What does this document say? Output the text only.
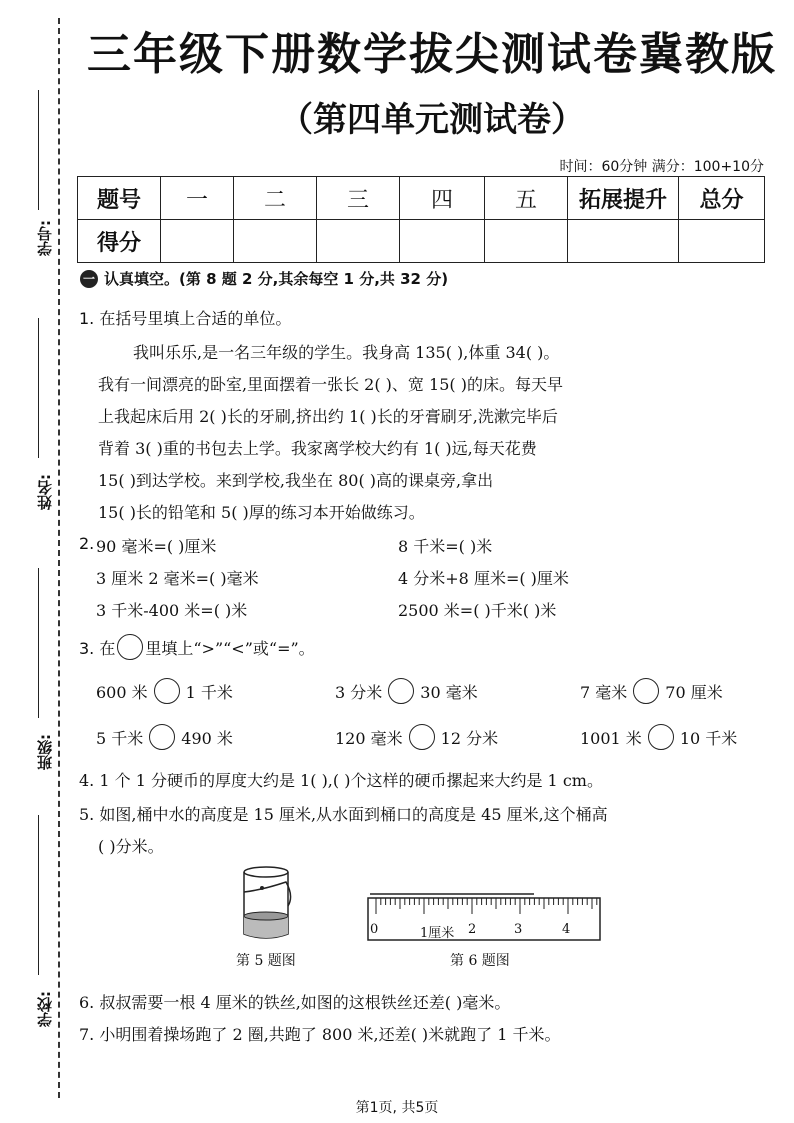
学号:
姓名:
班级:
学校:
三年级下册数学拔尖测试卷冀教版
（第四单元测试卷）
时间：60分钟 满分：100+10分
题号	一	二	三	四	五	拓展提升	总分
得分							
一 认真填空。(第 8 题 2 分,其余每空 1 分,共 32 分)
1. 在括号里填上合适的单位。
我叫乐乐,是一名三年级的学生。我身高 135( ),体重 34( )。
我有一间漂亮的卧室,里面摆着一张长 2( )、宽 15( )的床。每天早
上我起床后用 2( )长的牙刷,挤出约 1( )长的牙膏刷牙,洗漱完毕后
背着 3( )重的书包去上学。我家离学校大约有 1( )远,每天花费
15( )到达学校。来到学校,我坐在 80( )高的课桌旁,拿出
15( )长的铅笔和 5( )厚的练习本开始做练习。
2. 90 毫米=( )厘米	8 千米=( )米
3 厘米 2 毫米=( )毫米	4 分米+8 厘米=( )厘米
3 千米-400 米=( )米	2500 米=( )千米( )米
3. 在 里填上“>”“<”或“=”。
600 米 1 千米	3 分米 30 毫米	7 毫米 70 厘米
5 千米 490 米	120 毫米 12 分米	1001 米 10 千米
4. 1 个 1 分硬币的厚度大约是 1( ),( )个这样的硬币摞起来大约是 1 cm。
5. 如图,桶中水的高度是 15 厘米,从水面到桶口的高度是 45 厘米,这个桶高
( )分米。
第 5 题图
0	1厘米 2	3	4
第 6 题图
6. 叔叔需要一根 4 厘米的铁丝,如图的这根铁丝还差( )毫米。
7. 小明围着操场跑了 2 圈,共跑了 800 米,还差( )米就跑了 1 千米。
第1页, 共5页
